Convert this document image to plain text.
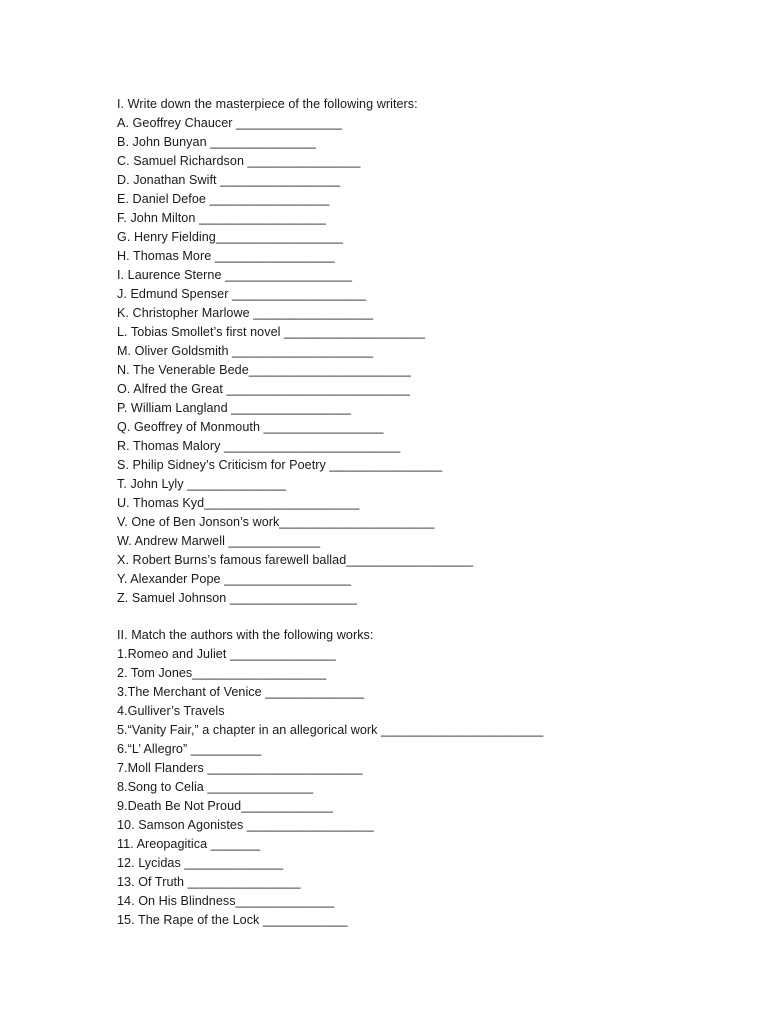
I. Write down the masterpiece of the following writers:
A. Geoffrey Chaucer _______________
B. John Bunyan _______________
C. Samuel Richardson ________________
D. Jonathan Swift _________________
E. Daniel Defoe _________________
F. John Milton __________________
G. Henry Fielding__________________
H. Thomas More _________________
I. Laurence Sterne __________________
J. Edmund Spenser ___________________
K. Christopher Marlowe _________________
L. Tobias Smollet’s first novel ____________________
M. Oliver Goldsmith ____________________
N. The Venerable Bede_______________________
O. Alfred the Great __________________________
P. William Langland _________________
Q. Geoffrey of Monmouth _________________
R. Thomas Malory _________________________
S. Philip Sidney’s Criticism for Poetry ________________
T. John Lyly ______________
U. Thomas Kyd______________________
V. One of Ben Jonson’s work______________________
W. Andrew Marwell _____________
X. Robert Burns’s famous farewell ballad__________________
Y. Alexander Pope __________________
Z. Samuel Johnson __________________
II. Match the authors with the following works:
1.Romeo and Juliet _______________
2. Tom Jones___________________
3.The Merchant of Venice ______________
4.Gulliver’s Travels
5.“Vanity Fair,” a chapter in an allegorical work _______________________
6.“L’ Allegro” __________
7.Moll Flanders ______________________
8.Song to Celia _______________
9.Death Be Not Proud_____________
10. Samson Agonistes __________________
11. Areopagitica _______
12. Lycidas ______________
13. Of Truth ________________
14. On His Blindness______________
15. The Rape of the Lock ____________
